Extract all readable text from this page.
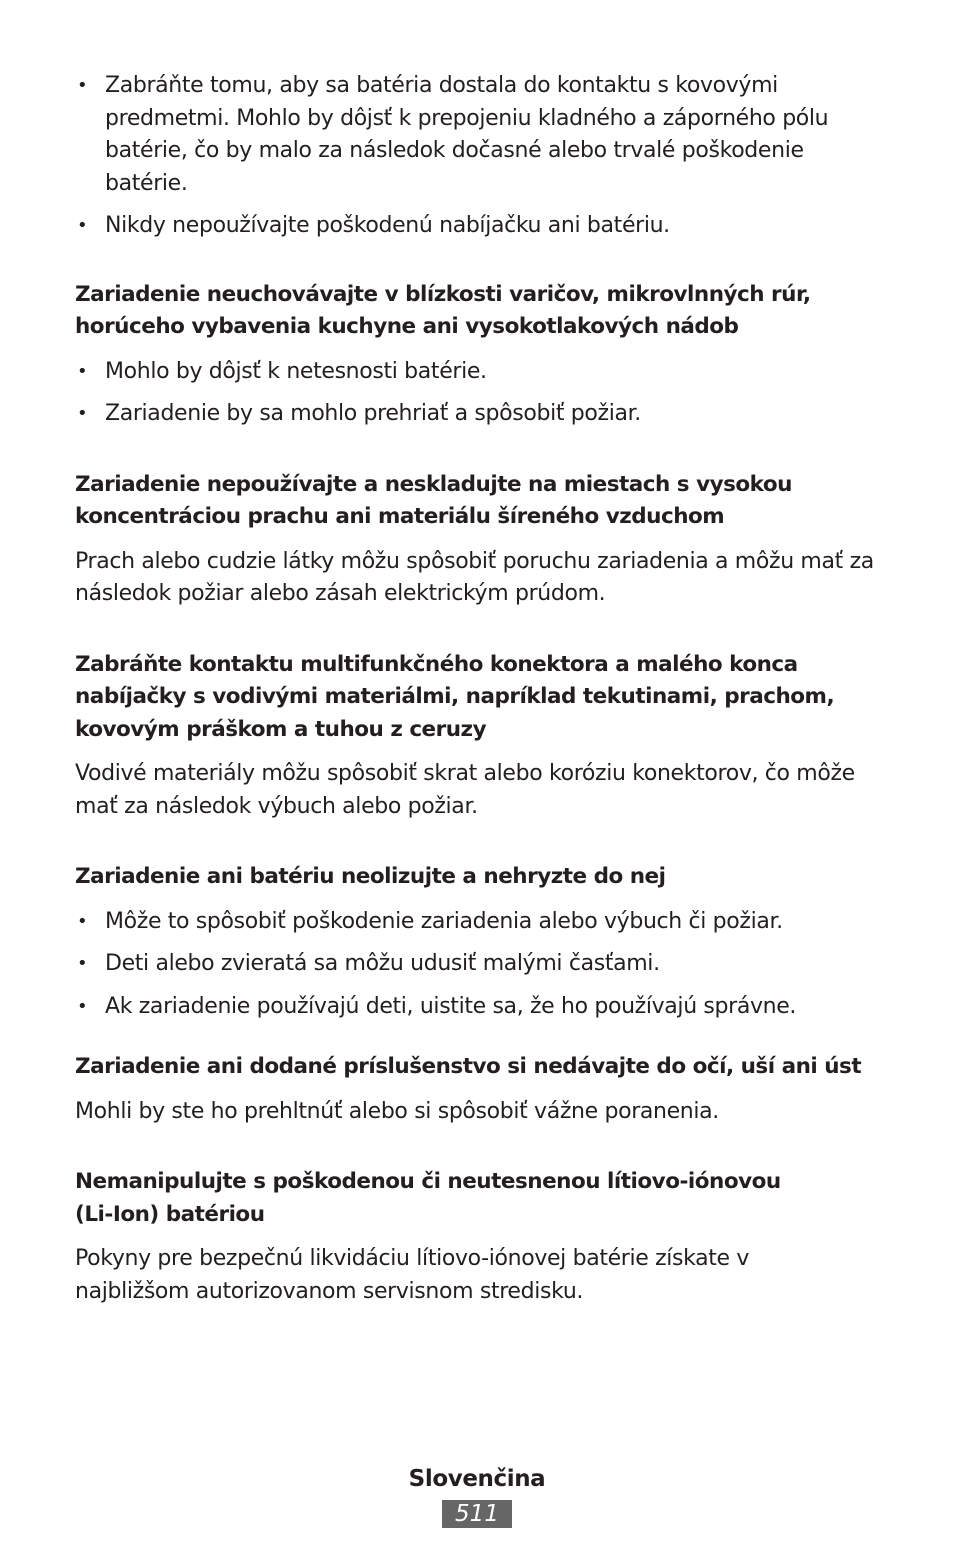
• Zabráňte tomu, aby sa batéria dostala do kontaktu s kovovými predmetmi. Mohlo by dôjsť k prepojeniu kladného a záporného pólu batérie, čo by malo za následok dočasné alebo trvalé poškodenie batérie.
• Nikdy nepoužívajte poškodenú nabíjačku ani batériu.
Zariadenie neuchovávajte v blízkosti varičov, mikrovlnných rúr, horúceho vybavenia kuchyne ani vysokotlakových nádob
• Mohlo by dôjsť k netesnosti batérie.
• Zariadenie by sa mohlo prehriať a spôsobiť požiar.
Zariadenie nepoužívajte a neskladujte na miestach s vysokou koncentráciou prachu ani materiálu šíreného vzduchom

Prach alebo cudzie látky môžu spôsobiť poruchu zariadenia a môžu mať za následok požiar alebo zásah elektrickým prúdom.

Zabráňte kontaktu multifunkčného konektora a malého konca nabíjačky s vodivými materiálmi, napríklad tekutinami, prachom, kovovým práškom a tuhou z ceruzy

Vodivé materiály môžu spôsobiť skrat alebo koróziu konektorov, čo môže mať za následok výbuch alebo požiar.

Zariadenie ani batériu neolizujte a nehryzte do nej
• Môže to spôsobiť poškodenie zariadenia alebo výbuch či požiar.
• Deti alebo zvieratá sa môžu udusiť malými časťami.
• Ak zariadenie používajú deti, uistite sa, že ho používajú správne.
Zariadenie ani dodané príslušenstvo si nedávajte do očí, uší ani úst

Mohli by ste ho prehltnúť alebo si spôsobiť vážne poranenia.

Nemanipulujte s poškodenou či neutesnenou lítiovo-iónovou (Li-Ion) batériou

Pokyny pre bezpečnú likvidáciu lítiovo-iónovej batérie získate v najbližšom autorizovanom servisnom stredisku.

Slovenčina
511
